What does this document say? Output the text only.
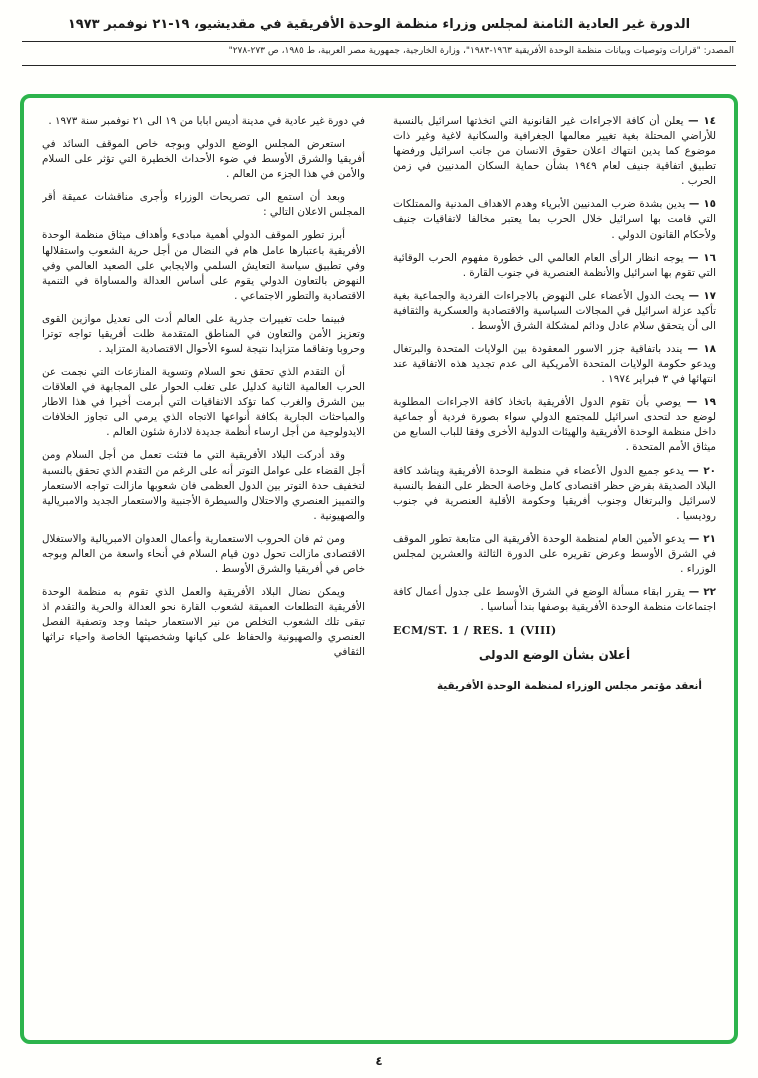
الدورة غير العادية الثامنة لمجلس وزراء منظمة الوحدة الأفريقية في مقديشيو، ١٩-٢١ نوفمبر ١٩٧٣
المصدر: "قرارات وتوصيات وبيانات منظمة الوحدة الأفريقية ١٩٦٣-١٩٨٣"، وزارة الخارجية، جمهورية مصر العربية، ط ١٩٨٥، ص ٢٧٣-٢٧٨"

١٤ — يعلن أن كافة الاجراءات غير القانونية التي اتخذتها اسرائيل بالنسبة للأراضي المحتلة بغية تغيير معالمها الجغرافية والسكانية لاغية وغير ذات موضوع كما يدين انتهاك اعلان حقوق الانسان من جانب اسرائيل ورفضها تطبيق اتفاقية جنيف لعام ١٩٤٩ بشأن حماية السكان المدنيين في زمن الحرب .

١٥ — يدين بشدة ضرب المدنيين الأبرياء وهدم الاهداف المدنية والممتلكات التي قامت بها اسرائيل خلال الحرب بما يعتبر مخالفا لاتفاقيات جنيف ولأحكام القانون الدولي .

١٦ — يوجه انظار الرأى العام العالمي الى خطورة مفهوم الحرب الوقائية التي تقوم بها اسرائيل والأنظمة العنصرية في جنوب القارة .

١٧ — يحث الدول الأعضاء على النهوض بالاجراءات الفردية والجماعية بغية تأكيد عزلة اسرائيل في المجالات السياسية والاقتصادية والعسكرية والثقافية الى أن يتحقق سلام عادل ودائم لمشكلة الشرق الأوسط .

١٨ — يندد باتفاقية جزر الاسور المعقودة بين الولايات المتحدة والبرتغال ويدعو حكومة الولايات المتحدة الأمريكية الى عدم تجديد هذه الاتفاقية عند انتهائها في ٣ فبراير ١٩٧٤ .

١٩ — يوصي بأن تقوم الدول الأفريقية باتخاذ كافة الاجراءات المطلوبة لوضع حد لتحدى اسرائيل للمجتمع الدولي سواء بصورة فردية أو جماعية داخل منظمة الوحدة الأفريقية والهيئات الدولية الأخرى وفقا للباب السابع من ميثاق الأمم المتحدة .

٢٠ — يدعو جميع الدول الأعضاء في منظمة الوحدة الأفريقية ويناشد كافة البلاد الصديقة بفرض حظر اقتصادى كامل وخاصة الحظر على النفط بالنسبة لاسرائيل والبرتغال وجنوب أفريقيا وحكومة الأقلية العنصرية في جنوب روديسيا .

٢١ — يدعو الأمين العام لمنظمة الوحدة الأفريقية الى متابعة تطور الموقف في الشرق الأوسط وعرض تقريره على الدورة الثالثة والعشرين لمجلس الوزراء .

٢٢ — يقرر ابقاء مسألة الوضع في الشرق الأوسط على جدول أعمال كافة اجتماعات منظمة الوحدة الأفريقية بوصفها بندا أساسيا .

ECM/ST. 1 / RES. 1 (VIII)

أعلان بشأن الوضع الدولى

أنعقد مؤتمر مجلس الوزراء لمنظمة الوحدة الأفريقية

في دورة غير عادية في مدينة أديس ابابا من ١٩ الى ٢١ نوفمبر سنة ١٩٧٣ .

استعرض المجلس الوضع الدولي وبوجه خاص الموقف السائد في أفريقيا والشرق الأوسط في ضوء الأحداث الخطيرة التي تؤثر على السلام والأمن في هذا الجزء من العالم .

وبعد أن استمع الى تصريحات الوزراء وأجرى مناقشات عميقة أقر المجلس الاعلان التالي :

أبرز تطور الموقف الدولي أهمية مبادىء وأهداف ميثاق منظمة الوحدة الأفريقية باعتبارها عامل هام في النضال من أجل حرية الشعوب واستقلالها وفي تطبيق سياسة التعايش السلمي والايجابي على الصعيد العالمي وفي النهوض بالتعاون الدولي يقوم على أساس العدالة والمساواة في التنمية الاقتصادية والتطور الاجتماعي .

فبينما حلت تغييرات جذرية على العالم أدت الى تعديل موازين القوى وتعزيز الأمن والتعاون في المناطق المتقدمة ظلت أفريقيا تواجه توترا وحروبا وتفاقما متزايدا نتيجة لسوء الأحوال الاقتصادية المتزايد .

أن التقدم الذي تحقق نحو السلام وتسوية المنازعات التي نجمت عن الحرب العالمية الثانية كدليل على تغلب الحوار على المجابهة في العلاقات بين الشرق والغرب كما تؤكد الاتفاقيات التي أبرمت أخيرا في هذا الاطار والمباحثات الجارية بكافة أنواعها الاتجاه الذي يرمي الى تجاوز الخلافات الايدولوجية من أجل ارساء أنظمة جديدة لادارة شئون العالم .

وقد أدركت البلاد الأفريقية التي ما فتئت تعمل من أجل السلام ومن أجل القضاء على عوامل التوتر أنه على الرغم من التقدم الذي تحقق بالنسبة لتخفيف حدة التوتر بين الدول العظمى فان شعوبها مازالت تواجه الاستعمار والتمييز العنصري والاحتلال والسيطرة الأجنبية والاستعمار الجديد والامبريالية والصهيونية .

ومن ثم فان الحروب الاستعمارية وأعمال العدوان الامبريالية والاستغلال الاقتصادى مازالت تحول دون قيام السلام في أنحاء واسعة من العالم وبوجه خاص في أفريقيا والشرق الأوسط .

ويمكن نضال البلاد الأفريقية والعمل الذي تقوم به منظمة الوحدة الأفريقية التطلعات العميقة لشعوب القارة نحو العدالة والحرية والتقدم اذ تبقى تلك الشعوب التخلص من نير الاستعمار حيثما وجد وتصفية الفصل العنصري والصهيونية والحفاظ على كيانها وشخصيتها الخاصة واحياء تراثها الثقافي

٤
